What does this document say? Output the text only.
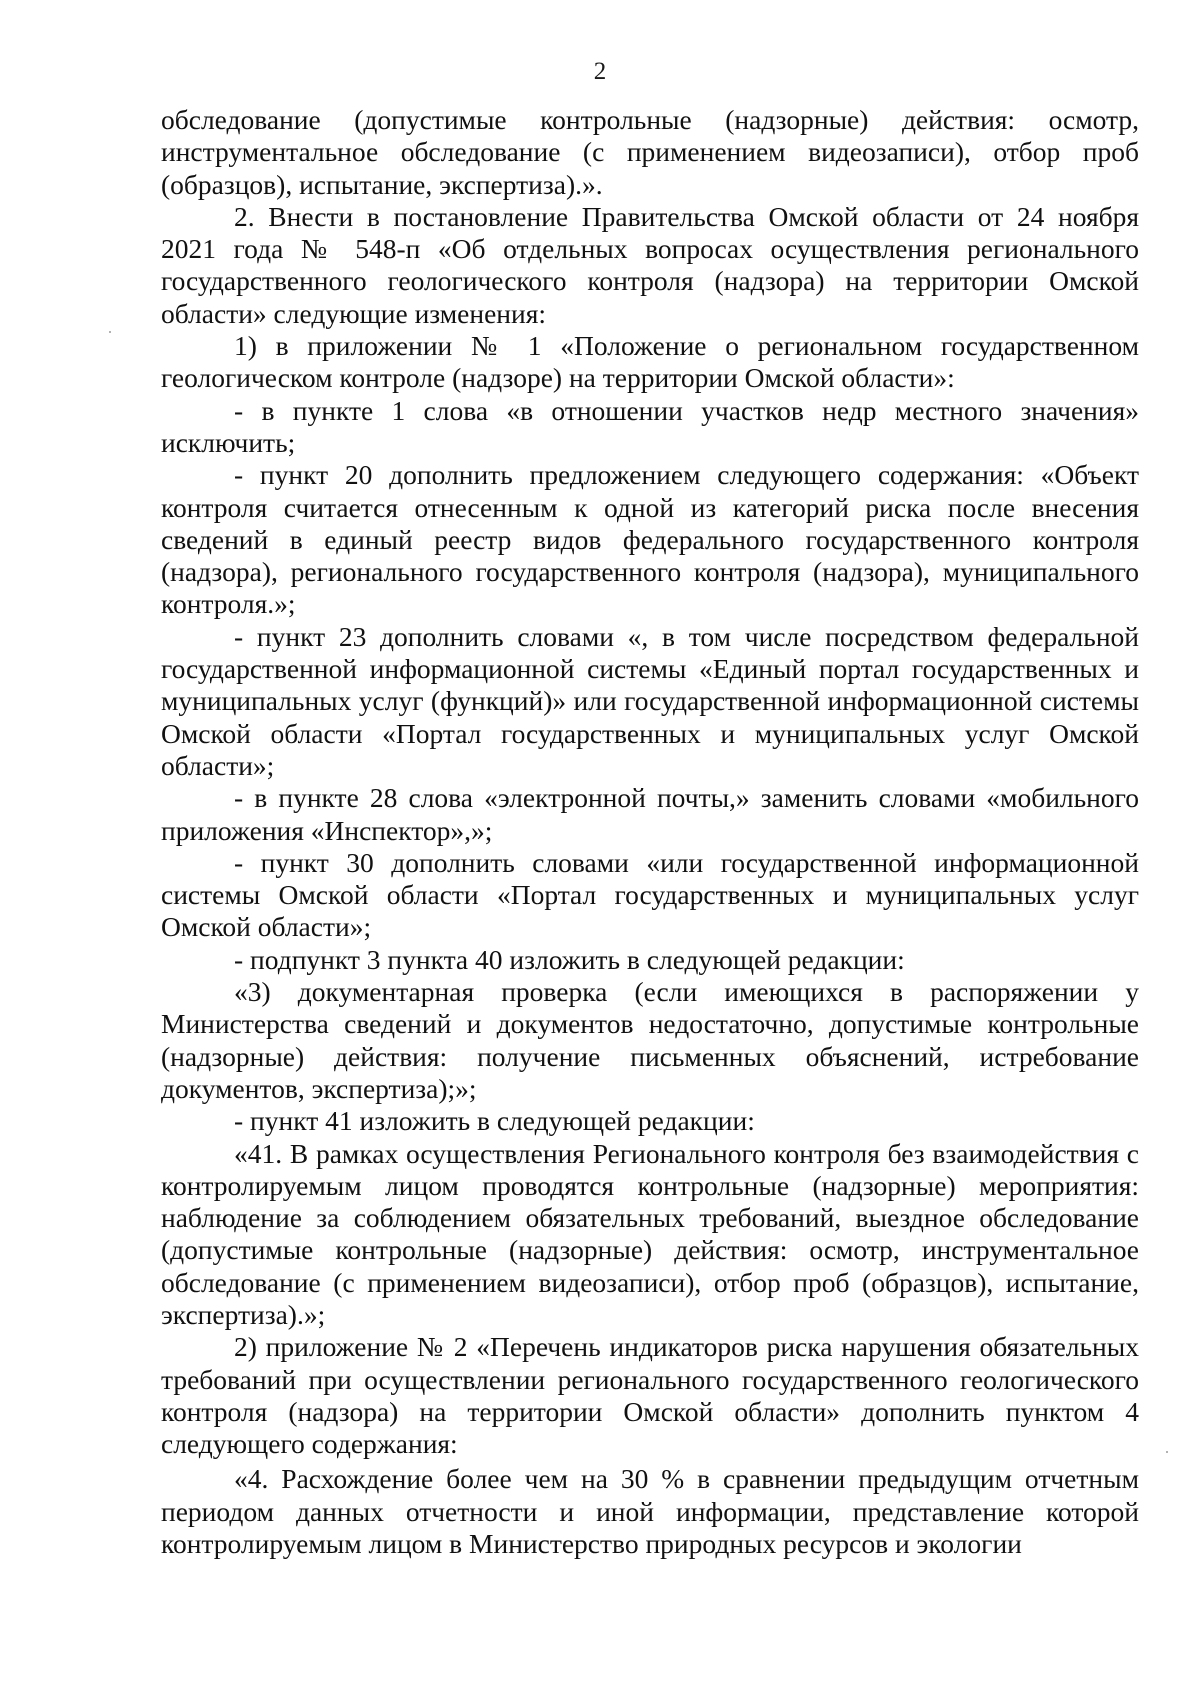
2

обследование (допустимые контрольные (надзорные) действия: осмотр, инструментальное обследование (с применением видеозаписи), отбор проб (образцов), испытание, экспертиза).».

2. Внести в постановление Правительства Омской области от 24 ноября 2021 года № 548-п «Об отдельных вопросах осуществления регионального государственного геологического контроля (надзора) на территории Омской области» следующие изменения:

1) в приложении № 1 «Положение о региональном государственном геологическом контроле (надзоре) на территории Омской области»:

- в пункте 1 слова «в отношении участков недр местного значения» исключить;

- пункт 20 дополнить предложением следующего содержания: «Объект контроля считается отнесенным к одной из категорий риска после внесения сведений в единый реестр видов федерального государственного контроля (надзора), регионального государственного контроля (надзора), муниципального контроля.»;

- пункт 23 дополнить словами «, в том числе посредством федеральной государственной информационной системы «Единый портал государственных и муниципальных услуг (функций)» или государственной информационной системы Омской области «Портал государственных и муниципальных услуг Омской области»;

- в пункте 28 слова «электронной почты,» заменить словами «мобильного приложения «Инспектор»,»;

- пункт 30 дополнить словами «или государственной информационной системы Омской области «Портал государственных и муниципальных услуг Омской области»;

- подпункт 3 пункта 40 изложить в следующей редакции:

«3) документарная проверка (если имеющихся в распоряжении у Министерства сведений и документов недостаточно, допустимые контрольные (надзорные) действия: получение письменных объяснений, истребование документов, экспертиза);»;

- пункт 41 изложить в следующей редакции:

«41. В рамках осуществления Регионального контроля без взаимодействия с контролируемым лицом проводятся контрольные (надзорные) мероприятия: наблюдение за соблюдением обязательных требований, выездное обследование (допустимые контрольные (надзорные) действия: осмотр, инструментальное обследование (с применением видеозаписи), отбор проб (образцов), испытание, экспертиза).»;

2) приложение № 2 «Перечень индикаторов риска нарушения обязательных требований при осуществлении регионального государственного геологического контроля (надзора) на территории Омской области» дополнить пунктом 4 следующего содержания:

«4. Расхождение более чем на 30 % в сравнении предыдущим отчетным периодом данных отчетности и иной информации, представление которой контролируемым лицом в Министерство природных ресурсов и экологии
